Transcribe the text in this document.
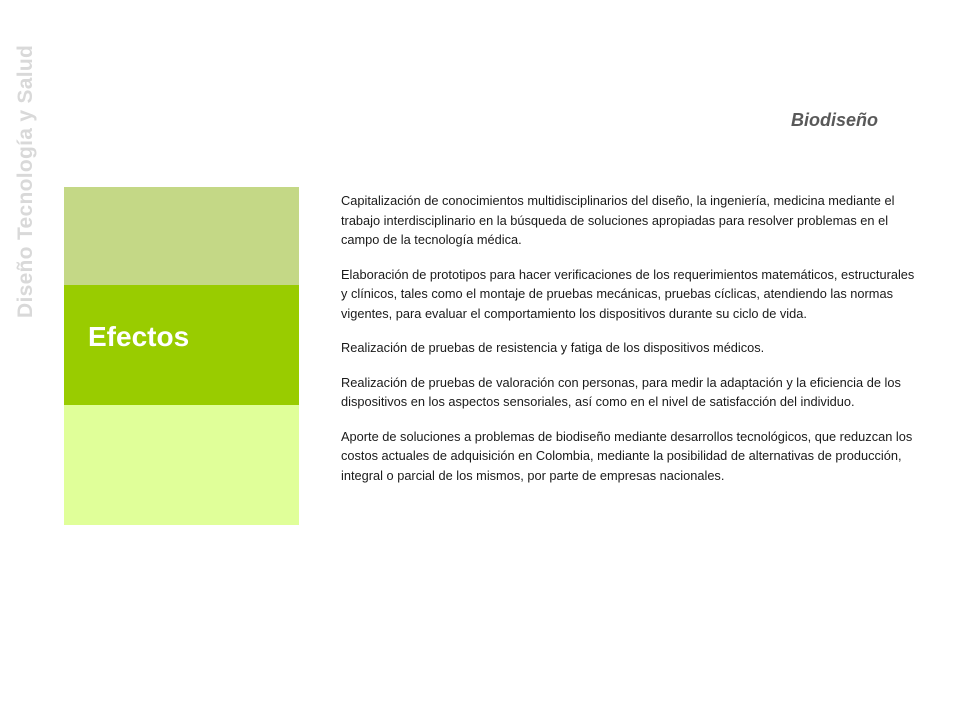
Diseño Tecnología y Salud	Biodiseño
Efectos

Capitalización de conocimientos multidisciplinarios del diseño, la ingeniería, medicina mediante el trabajo interdisciplinario en la búsqueda de soluciones apropiadas para resolver problemas en el campo de la tecnología médica.

Elaboración de prototipos para hacer verificaciones de los requerimientos matemáticos, estructurales y clínicos, tales como el montaje de pruebas mecánicas, pruebas cíclicas, atendiendo las normas vigentes, para evaluar el comportamiento los dispositivos durante su ciclo de vida.

Realización de pruebas de resistencia y fatiga de los dispositivos médicos.

Realización de pruebas de valoración con personas, para medir la adaptación y la eficiencia de los dispositivos en los aspectos sensoriales, así como en el nivel de satisfacción del individuo.

Aporte de soluciones a problemas de biodiseño mediante desarrollos tecnológicos, que reduzcan los costos actuales de adquisición en Colombia, mediante la posibilidad de alternativas de producción, integral o parcial de los mismos, por parte de empresas nacionales.
